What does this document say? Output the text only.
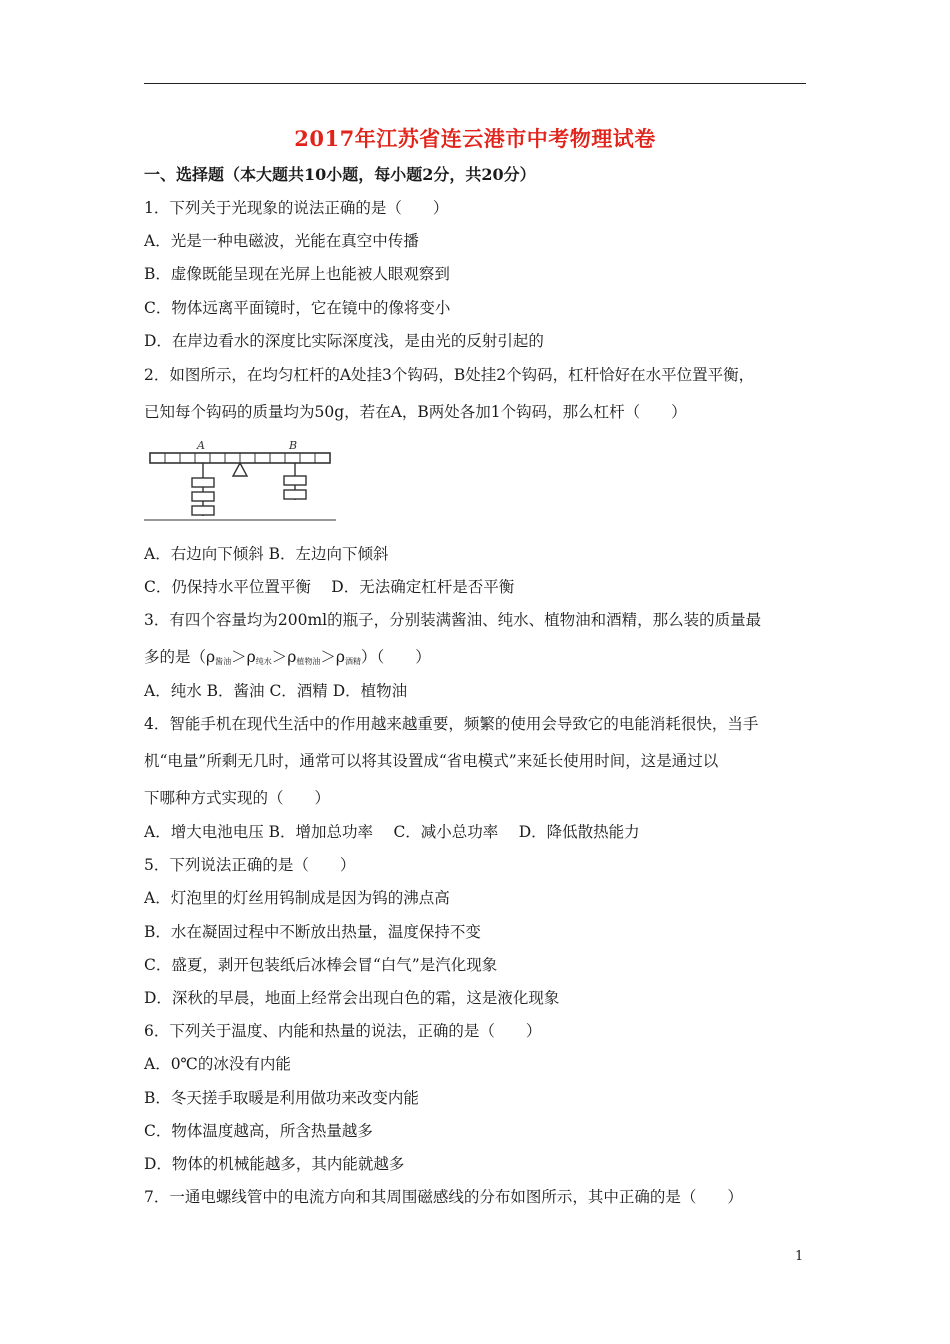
2017年江苏省连云港市中考物理试卷
一、选择题（本大题共10小题，每小题2分，共20分）
1．下列关于光现象的说法正确的是（　　）
A．光是一种电磁波，光能在真空中传播
B．虚像既能呈现在光屏上也能被人眼观察到
C．物体远离平面镜时，它在镜中的像将变小
D．在岸边看水的深度比实际深度浅，是由光的反射引起的
2．如图所示，在均匀杠杆的A处挂3个钩码，B处挂2个钩码，杠杆恰好在水平位置平衡，
已知每个钩码的质量均为50g，若在A，B两处各加1个钩码，那么杠杆（　　）
A	B
A．右边向下倾斜 B．左边向下倾斜
C．仍保持水平位置平衡　 D．无法确定杠杆是否平衡
3．有四个容量均为200ml的瓶子，分别装满酱油、纯水、植物油和酒精，那么装的质量最
多的是$(\rho_{酱油}>\rho_{纯水}>\rho_{植物油}>\rho_{酒精})$（　　）
A．纯水 B．酱油 C．酒精 D．植物油
4．智能手机在现代生活中的作用越来越重要，频繁的使用会导致它的电能消耗很快，当手
机“电量”所剩无几时，通常可以将其设置成“省电模式”来延长使用时间，这是通过以
下哪种方式实现的（　　）
A．增大电池电压 B．增加总功率　 C．减小总功率　 D．降低散热能力
5．下列说法正确的是（　　）
A．灯泡里的灯丝用钨制成是因为钨的沸点高
B．水在凝固过程中不断放出热量，温度保持不变
C．盛夏，剥开包装纸后冰棒会冒“白气”是汽化现象
D．深秋的早晨，地面上经常会出现白色的霜，这是液化现象
6．下列关于温度、内能和热量的说法，正确的是（　　）
A．0℃的冰没有内能
B．冬天搓手取暖是利用做功来改变内能
C．物体温度越高，所含热量越多
D．物体的机械能越多，其内能就越多
7．一通电螺线管中的电流方向和其周围磁感线的分布如图所示，其中正确的是（　　）
1
